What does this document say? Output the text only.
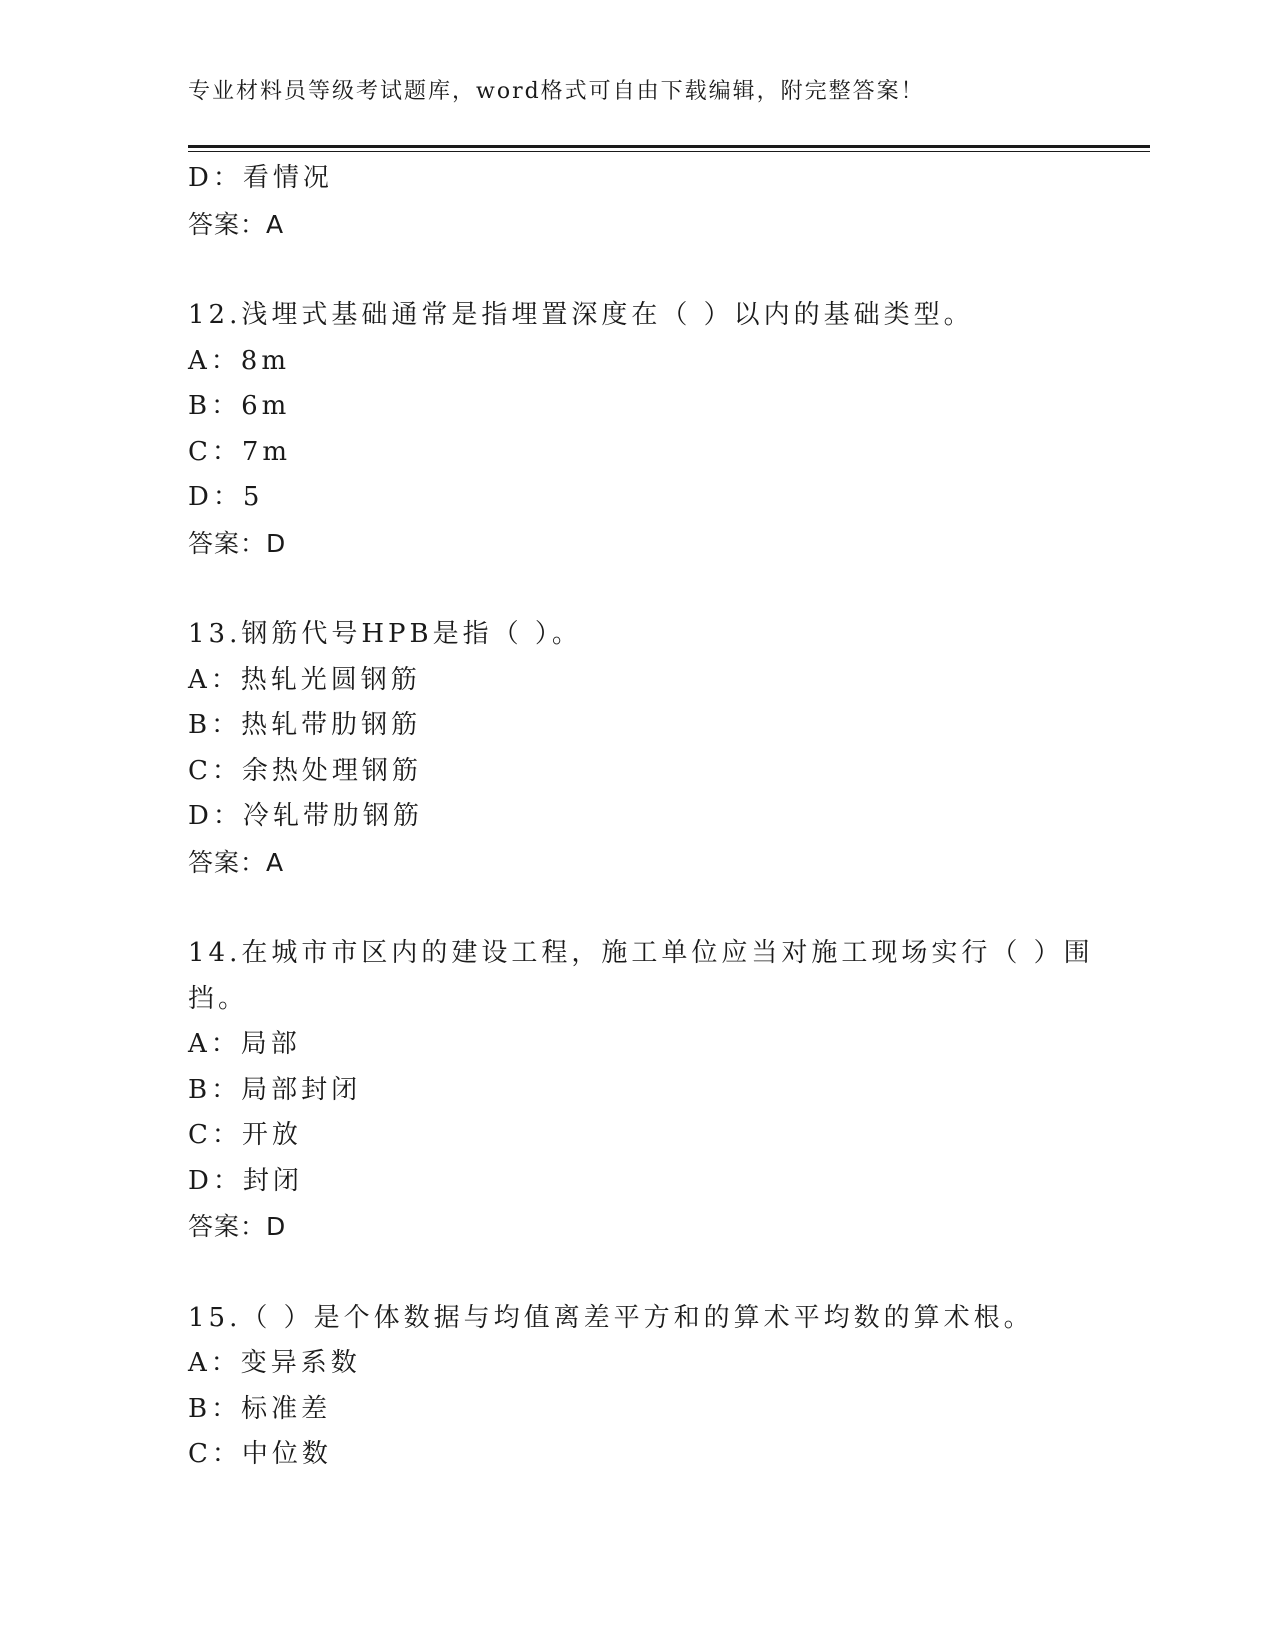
专业材料员等级考试题库，word格式可自由下载编辑，附完整答案！
D：看情况
答案：A
12.浅埋式基础通常是指埋置深度在（ ）以内的基础类型。
A：8m
B：6m
C：7m
D：5
答案：D
13.钢筋代号HPB是指（ ）。
A：热轧光圆钢筋
B：热轧带肋钢筋
C：余热处理钢筋
D：冷轧带肋钢筋
答案：A
14.在城市市区内的建设工程，施工单位应当对施工现场实行（ ）围
挡。
A：局部
B：局部封闭
C：开放
D：封闭
答案：D
15.（ ）是个体数据与均值离差平方和的算术平均数的算术根。
A：变异系数
B：标准差
C：中位数
